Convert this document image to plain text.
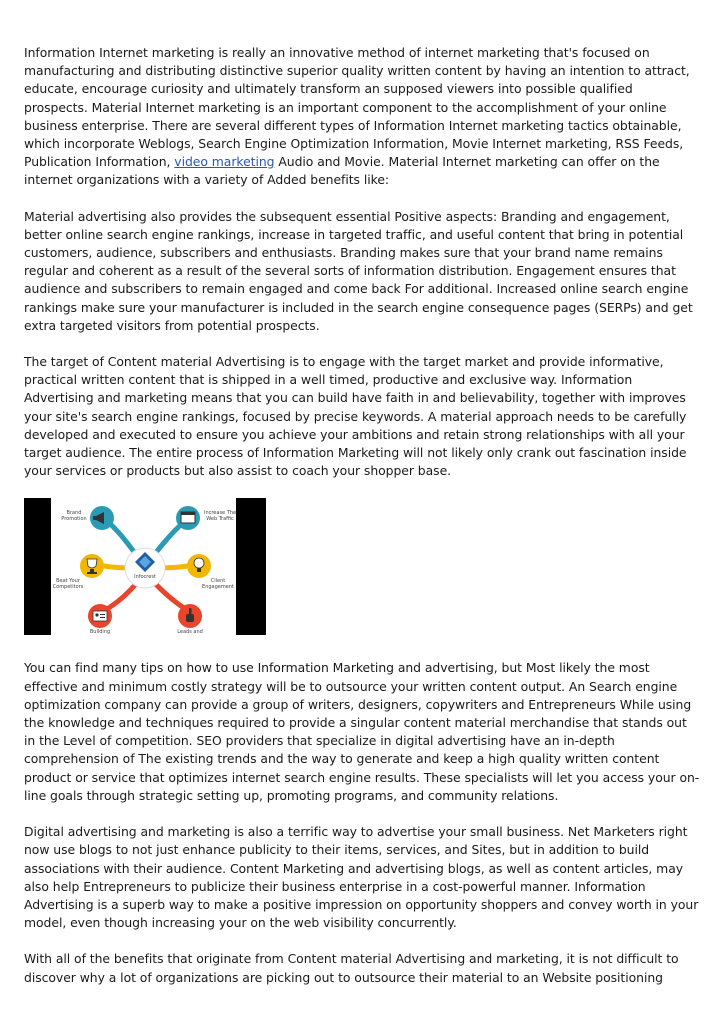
Information Internet marketing is really an innovative method of internet marketing that's focused on manufacturing and distributing distinctive superior quality written content by having an intention to attract, educate, encourage curiosity and ultimately transform an supposed viewers into possible qualified prospects. Material Internet marketing is an important component to the accomplishment of your online business enterprise. There are several different types of Information Internet marketing tactics obtainable, which incorporate Weblogs, Search Engine Optimization Information, Movie Internet marketing, RSS Feeds, Publication Information, video marketing Audio and Movie. Material Internet marketing can offer on the internet organizations with a variety of Added benefits like:

Material advertising also provides the subsequent essential Positive aspects: Branding and engagement, better online search engine rankings, increase in targeted traffic, and useful content that bring in potential customers, audience, subscribers and enthusiasts. Branding makes sure that your brand name remains regular and coherent as a result of the several sorts of information distribution. Engagement ensures that audience and subscribers to remain engaged and come back For additional. Increased online search engine rankings make sure your manufacturer is included in the search engine consequence pages (SERPs) and get extra targeted visitors from potential prospects.

The target of Content material Advertising is to engage with the target market and provide informative, practical written content that is shipped in a well timed, productive and exclusive way. Information Advertising and marketing means that you can build have faith in and believability, together with improves your site's search engine rankings, focused by precise keywords. A material approach needs to be carefully developed and executed to ensure you achieve your ambitions and retain strong relationships with all your target audience. The entire process of Information Marketing will not likely only crank out fascination inside your services or products but also assist to coach your shopper base.

Infocrest
Brand
Promotion
Increase The
Web Traffic
Beat Your
Competitors
Client
Engagement
Building	Leads and

You can find many tips on how to use Information Marketing and advertising, but Most likely the most effective and minimum costly strategy will be to outsource your written content output. An Search engine optimization company can provide a group of writers, designers, copywriters and Entrepreneurs While using the knowledge and techniques required to provide a singular content material merchandise that stands out in the Level of competition. SEO providers that specialize in digital advertising have an in-depth comprehension of The existing trends and the way to generate and keep a high quality written content product or service that optimizes internet search engine results. These specialists will let you access your on-line goals through strategic setting up, promoting programs, and community relations.

Digital advertising and marketing is also a terrific way to advertise your small business. Net Marketers right now use blogs to not just enhance publicity to their items, services, and Sites, but in addition to build associations with their audience. Content Marketing and advertising blogs, as well as content articles, may also help Entrepreneurs to publicize their business enterprise in a cost-powerful manner. Information Advertising is a superb way to make a positive impression on opportunity shoppers and convey worth in your model, even though increasing your on the web visibility concurrently.

With all of the benefits that originate from Content material Advertising and marketing, it is not difficult to discover why a lot of organizations are picking out to outsource their material to an Website positioning
